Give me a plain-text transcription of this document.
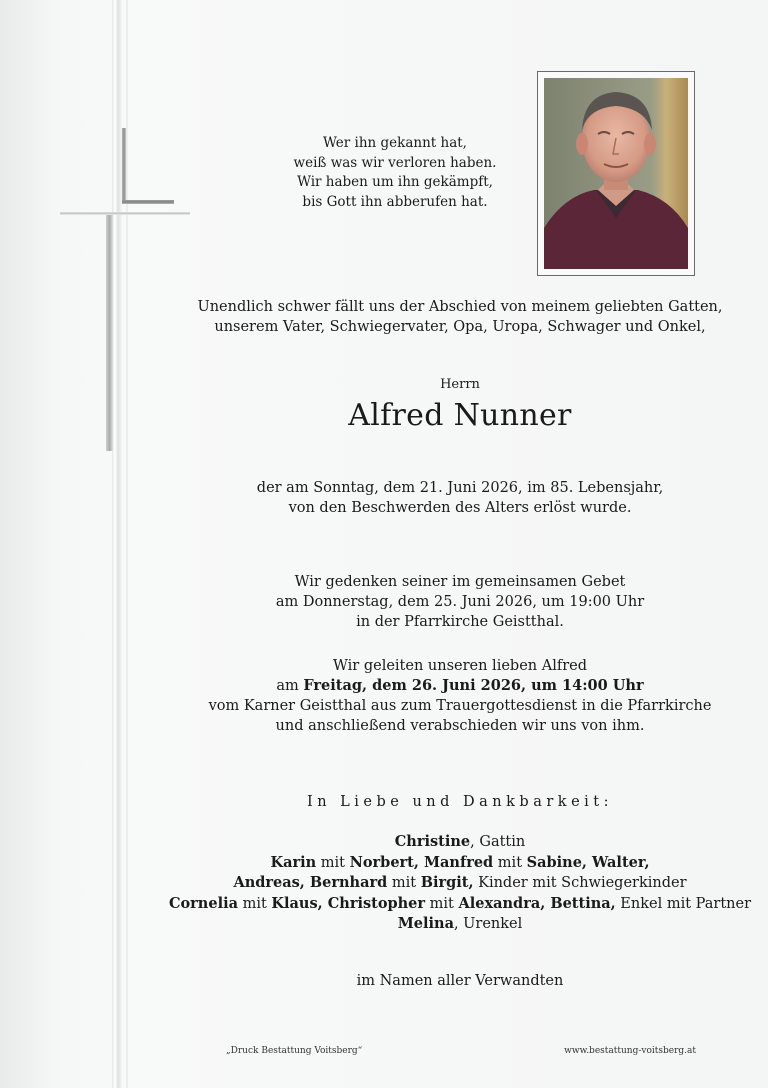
Wer ihn gekannt hat,
weiß was wir verloren haben.
Wir haben um ihn gekämpft,
bis Gott ihn abberufen hat.
Unendlich schwer fällt uns der Abschied von meinem geliebten Gatten,
unserem Vater, Schwiegervater, Opa, Uropa, Schwager und Onkel,
Herrn
Alfred Nunner
der am Sonntag, dem 21. Juni 2026, im 85. Lebensjahr,
von den Beschwerden des Alters erlöst wurde.
Wir gedenken seiner im gemeinsamen Gebet
am Donnerstag, dem 25. Juni 2026, um 19:00 Uhr
in der Pfarrkirche Geistthal.
Wir geleiten unseren lieben Alfred
am Freitag, dem 26. Juni 2026, um 14:00 Uhr
vom Karner Geistthal aus zum Trauergottesdienst in die Pfarrkirche
und anschließend verabschieden wir uns von ihm.
In Liebe und Dankbarkeit:
Christine, Gattin
Karin mit Norbert, Manfred mit Sabine, Walter,
Andreas, Bernhard mit Birgit, Kinder mit Schwiegerkinder
Cornelia mit Klaus, Christopher mit Alexandra, Bettina, Enkel mit Partner
Melina, Urenkel
im Namen aller Verwandten
„Druck Bestattung Voitsberg“	www.bestattung-voitsberg.at
